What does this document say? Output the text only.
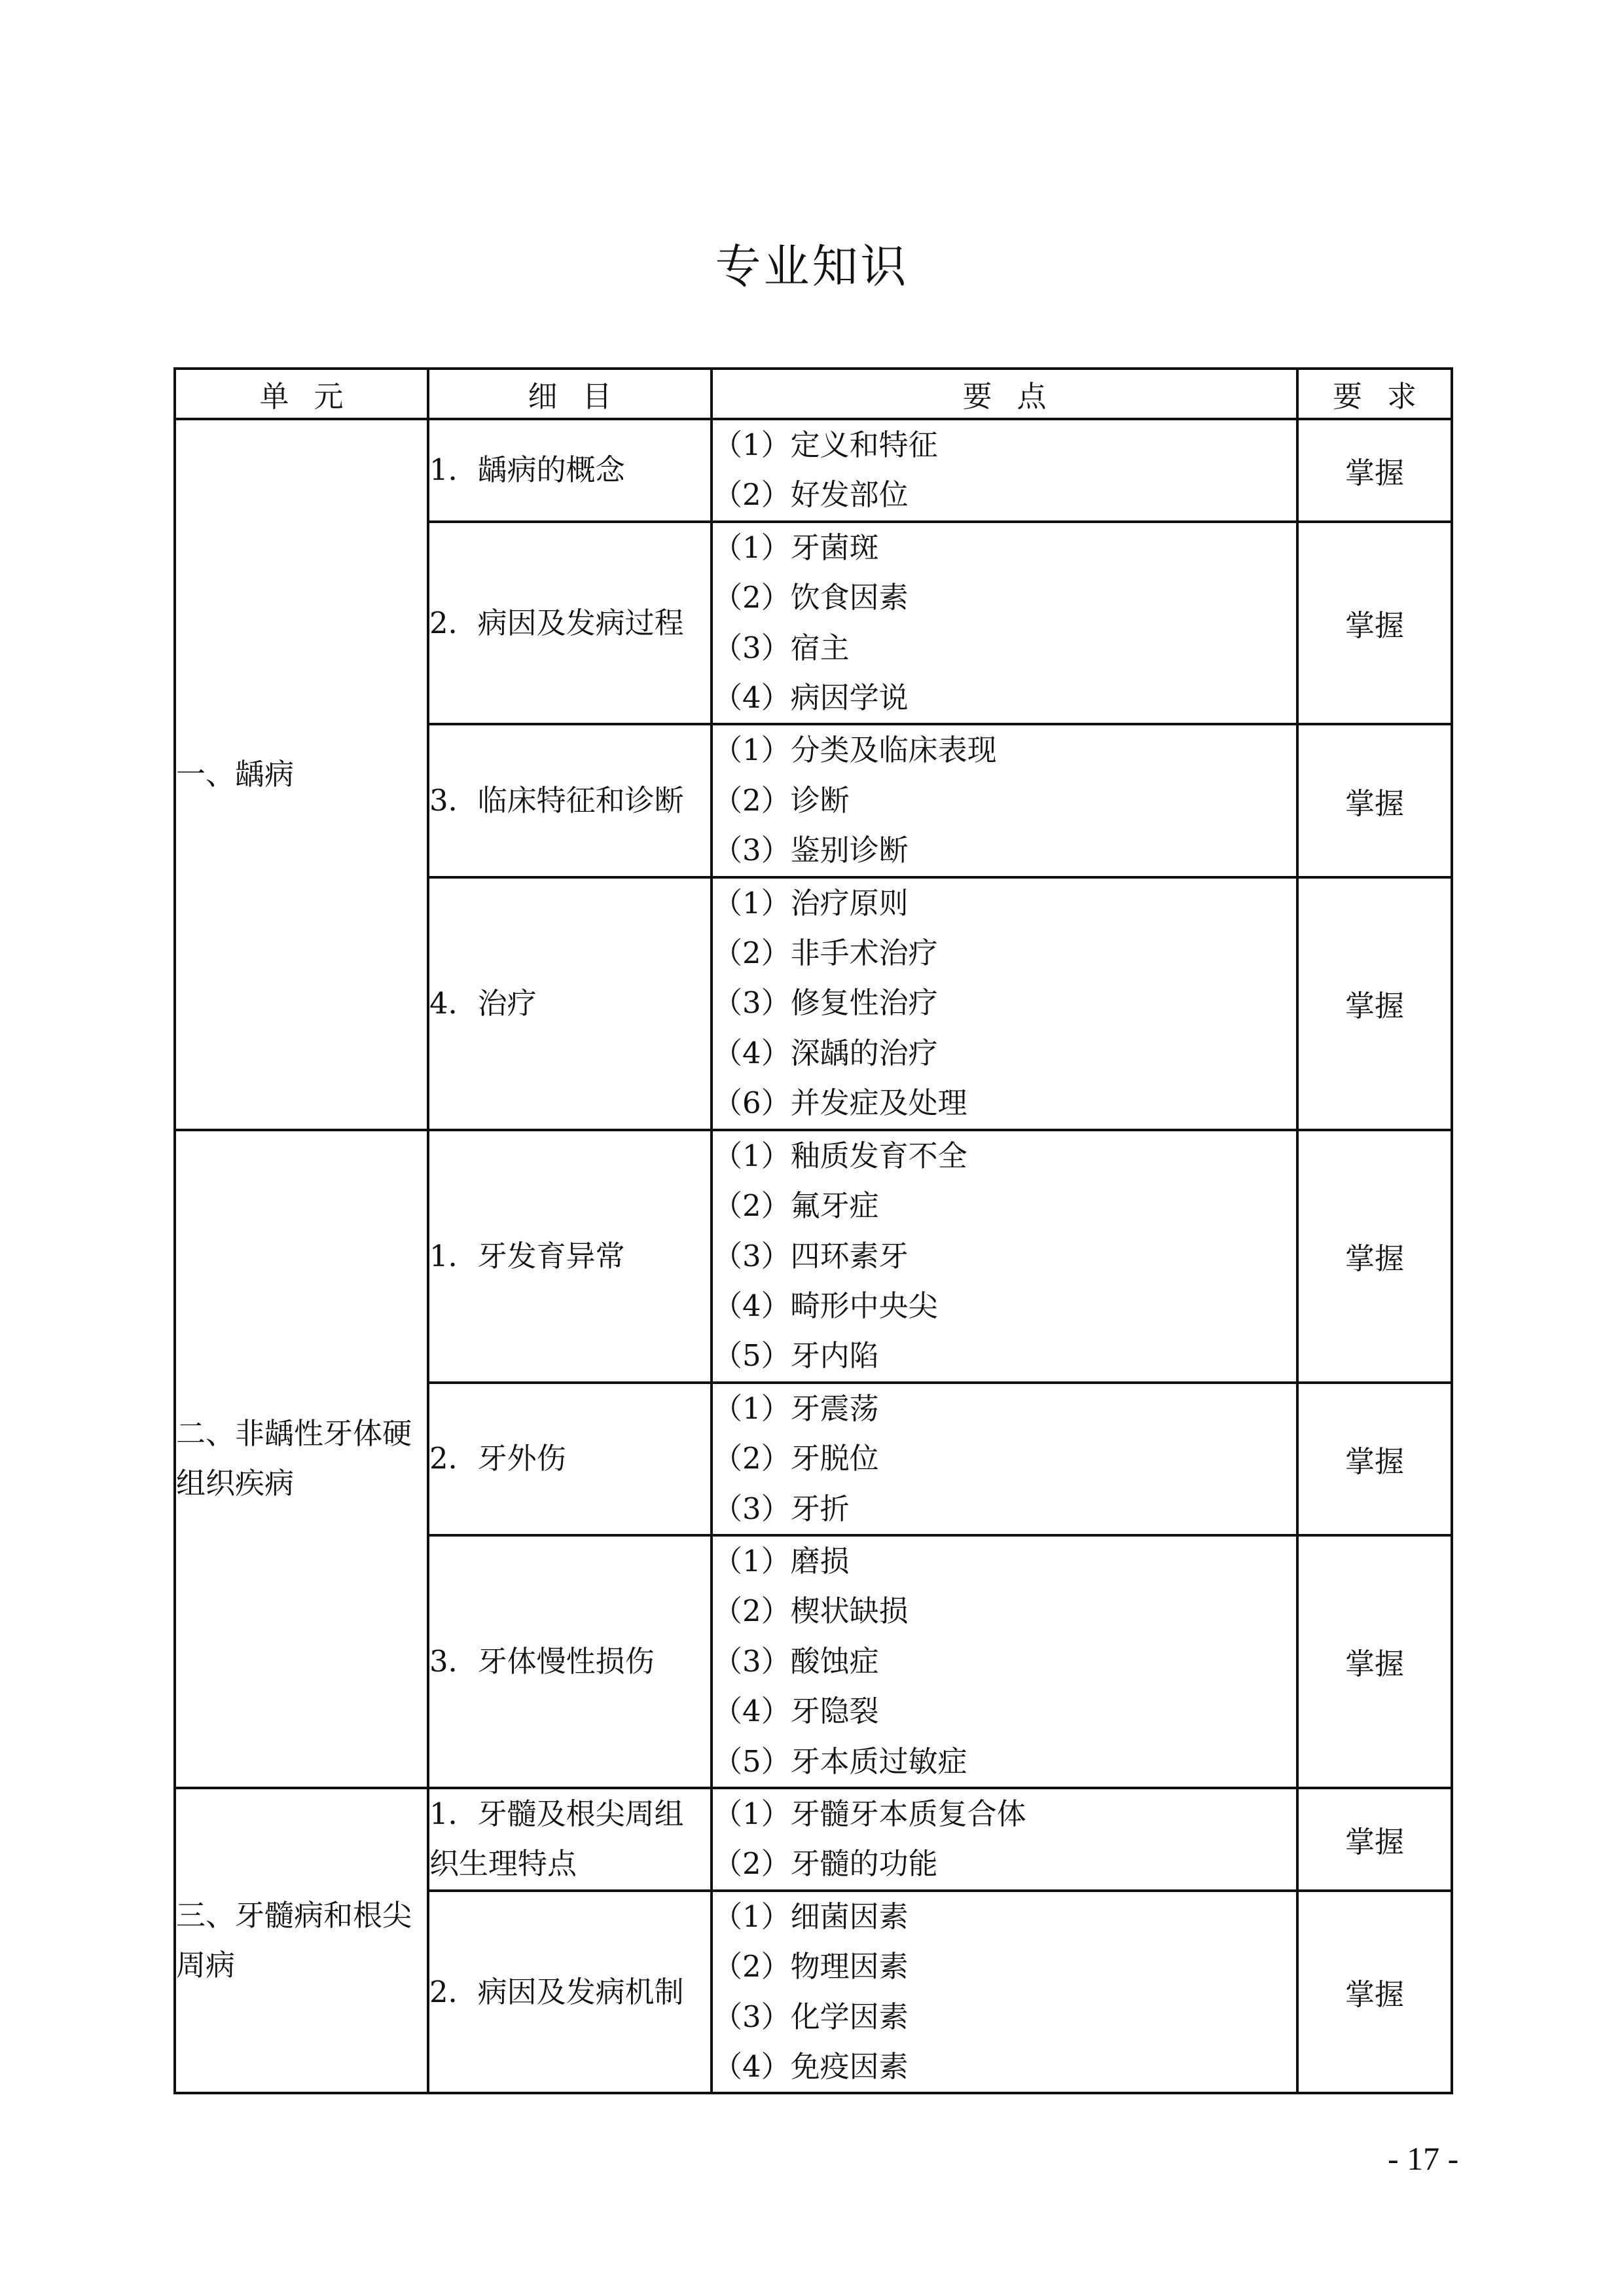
专业知识
单元	细目	要点	要求
一、龋病	1．龋病的概念	（1）定义和特征
（2）好发部位	掌握
	2．病因及发病过程	（1）牙菌斑
（2）饮食因素
（3）宿主
（4）病因学说	掌握
	3．临床特征和诊断	（1）分类及临床表现
（2）诊断
（3）鉴别诊断	掌握
	4．治疗	（1）治疗原则
（2）非手术治疗
（3）修复性治疗
（4）深龋的治疗
（6）并发症及处理	掌握
二、非龋性牙体硬组织疾病	1．牙发育异常	（1）釉质发育不全
（2）氟牙症
（3）四环素牙
（4）畸形中央尖
（5）牙内陷	掌握
	2．牙外伤	（1）牙震荡
（2）牙脱位
（3）牙折	掌握
	3．牙体慢性损伤	（1）磨损
（2）楔状缺损
（3）酸蚀症
（4）牙隐裂
（5）牙本质过敏症	掌握
三、牙髓病和根尖周病	1．牙髓及根尖周组织生理特点	（1）牙髓牙本质复合体
（2）牙髓的功能	掌握
	2．病因及发病机制	（1）细菌因素
（2）物理因素
（3）化学因素
（4）免疫因素	掌握
- 17 -
